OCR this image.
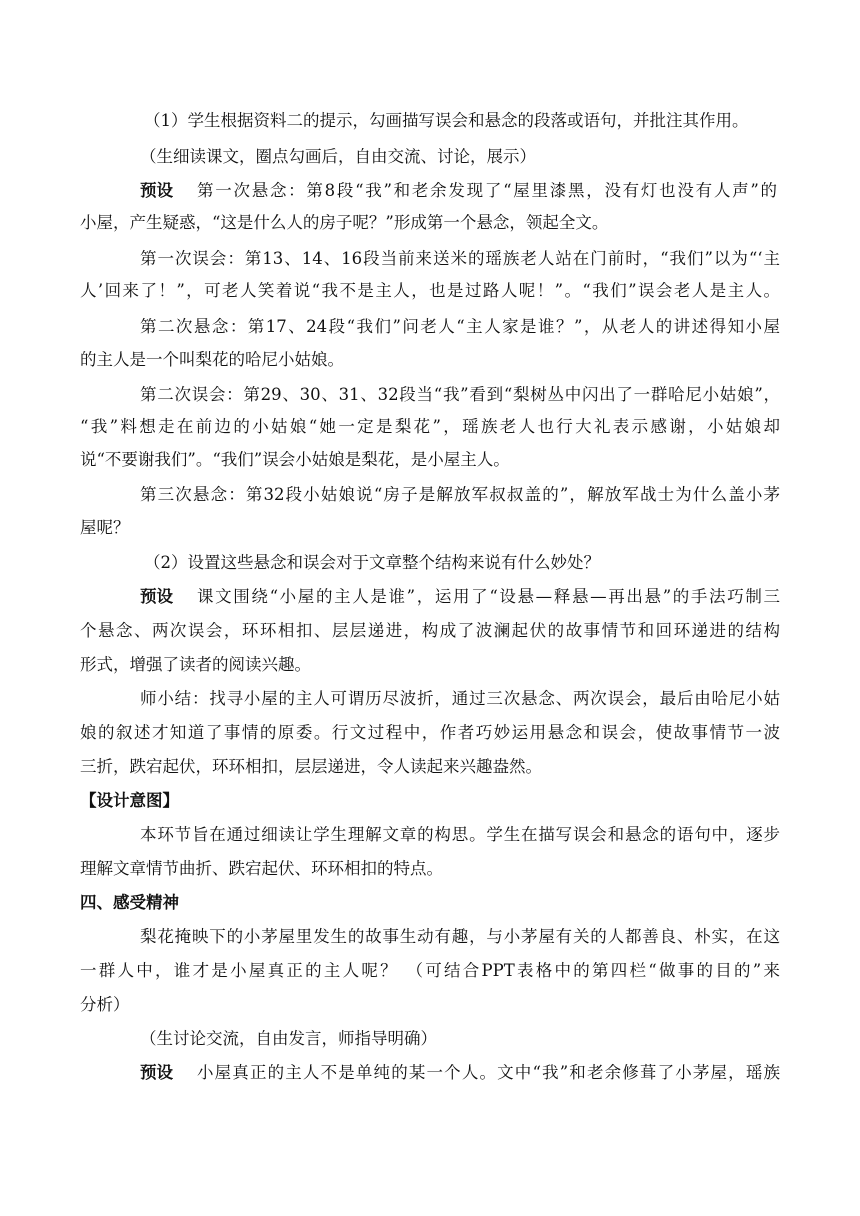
（1）学生根据资料二的提示，勾画描写误会和悬念的段落或语句，并批注其作用。
（生细读课文，圈点勾画后，自由交流、讨论，展示）
预设 第一次悬念：第8段“我”和老余发现了“屋里漆黑，没有灯也没有人声”的
小屋，产生疑惑，“这是什么人的房子呢？”形成第一个悬念，领起全文。
第一次误会：第13、14、16段当前来送米的瑶族老人站在门前时，“我们”以为“‘主
人’回来了！”，可老人笑着说“我不是主人，也是过路人呢！”。“我们”误会老人是主人。
第二次悬念：第17、24段“我们”问老人“主人家是谁？”，从老人的讲述得知小屋
的主人是一个叫梨花的哈尼小姑娘。
第二次误会：第29、30、31、32段当“我”看到“梨树丛中闪出了一群哈尼小姑娘”，
“我”料想走在前边的小姑娘“她一定是梨花”，瑶族老人也行大礼表示感谢，小姑娘却
说“不要谢我们”。“我们”误会小姑娘是梨花，是小屋主人。
第三次悬念：第32段小姑娘说“房子是解放军叔叔盖的”，解放军战士为什么盖小茅
屋呢？
（2）设置这些悬念和误会对于文章整个结构来说有什么妙处？
预设 课文围绕“小屋的主人是谁”，运用了“设悬—释悬—再出悬”的手法巧制三
个悬念、两次误会，环环相扣、层层递进，构成了波澜起伏的故事情节和回环递进的结构
形式，增强了读者的阅读兴趣。
师小结：找寻小屋的主人可谓历尽波折，通过三次悬念、两次误会，最后由哈尼小姑
娘的叙述才知道了事情的原委。行文过程中，作者巧妙运用悬念和误会，使故事情节一波
三折，跌宕起伏，环环相扣，层层递进，令人读起来兴趣盎然。
【设计意图】
本环节旨在通过细读让学生理解文章的构思。学生在描写误会和悬念的语句中，逐步
理解文章情节曲折、跌宕起伏、环环相扣的特点。
四、感受精神
梨花掩映下的小茅屋里发生的故事生动有趣，与小茅屋有关的人都善良、朴实，在这
一群人中，谁才是小屋真正的主人呢？ （可结合PPT表格中的第四栏“做事的目的”来
分析）
（生讨论交流，自由发言，师指导明确）
预设 小屋真正的主人不是单纯的某一个人。文中“我”和老余修葺了小茅屋，瑶族
